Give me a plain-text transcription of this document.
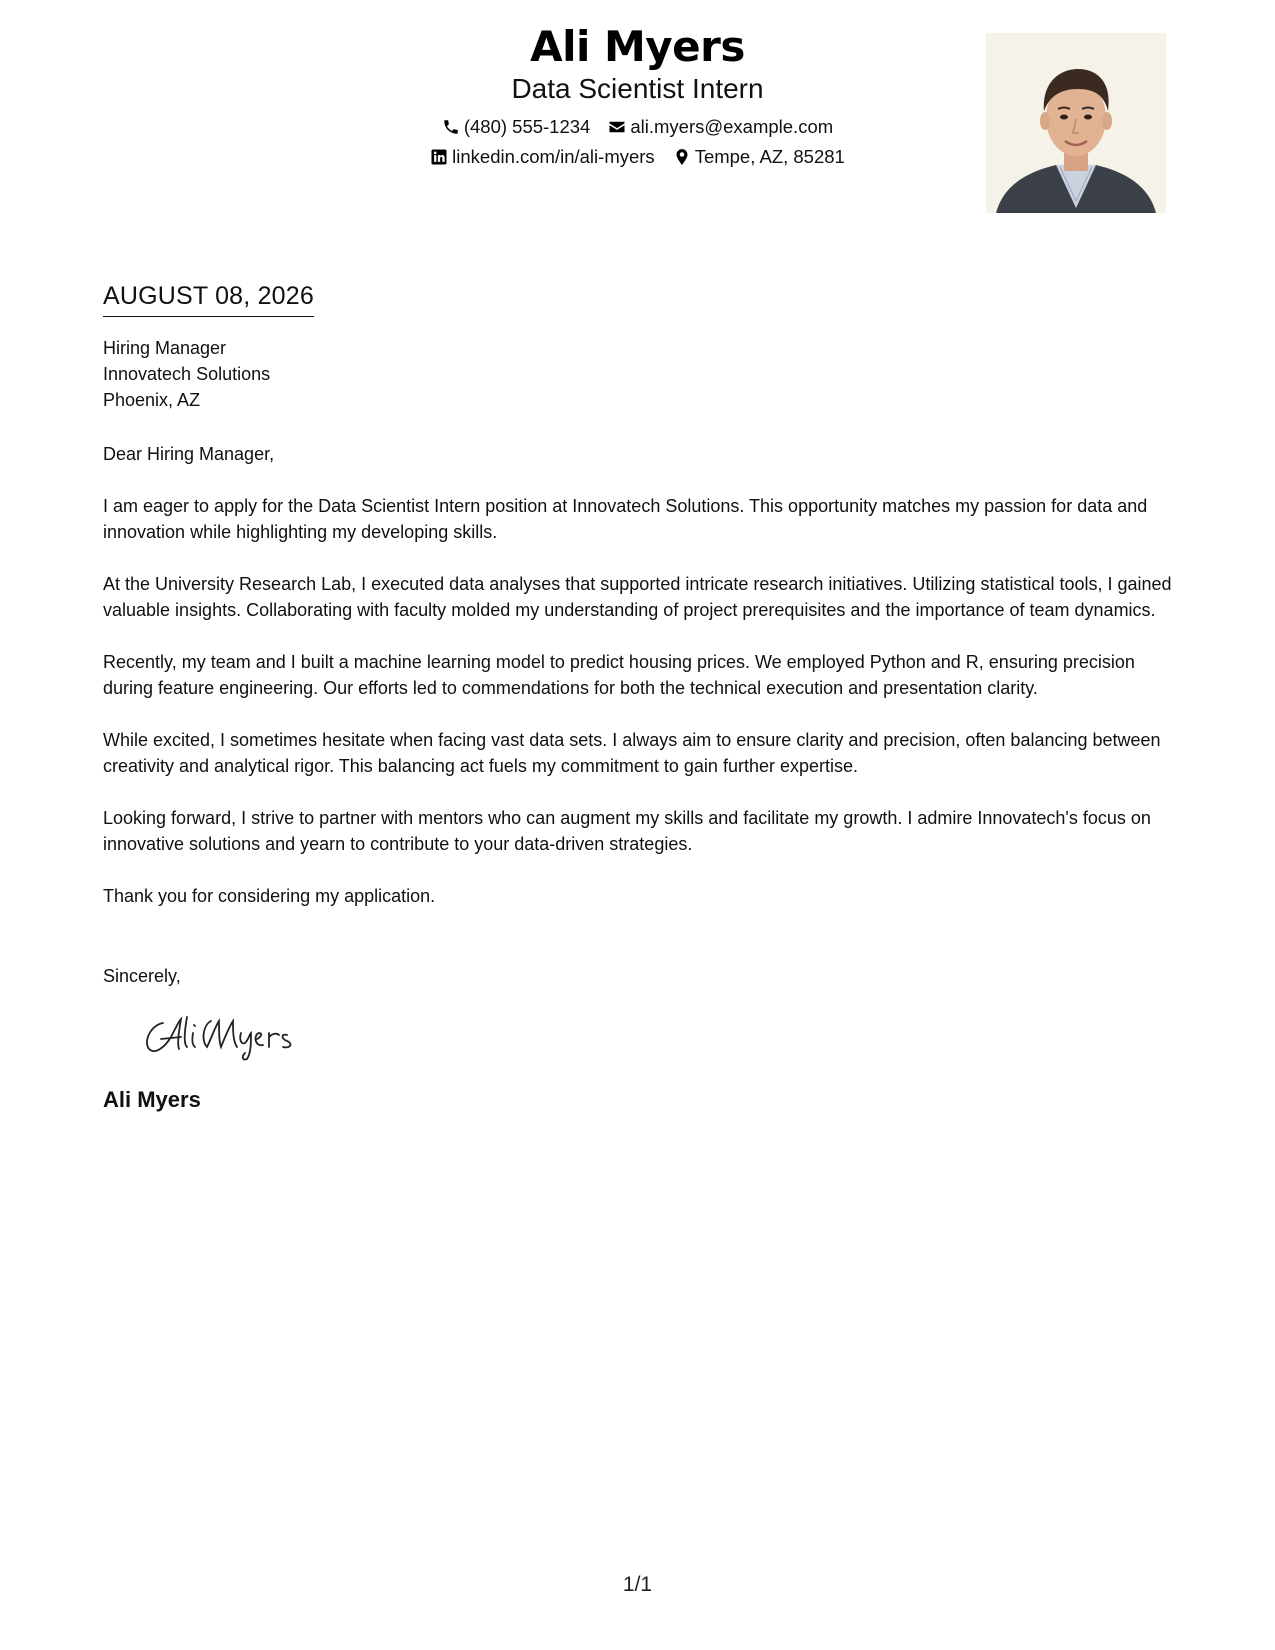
Ali Myers
Data Scientist Intern
(480) 555-1234 ali.myers@example.com
linkedin.com/in/ali-myers Tempe, AZ, 85281
AUGUST 08, 2026
Hiring Manager
Innovatech Solutions
Phoenix, AZ
Dear Hiring Manager,
I am eager to apply for the Data Scientist Intern position at Innovatech Solutions. This opportunity matches my passion for data and innovation while highlighting my developing skills.
At the University Research Lab, I executed data analyses that supported intricate research initiatives. Utilizing statistical tools, I gained valuable insights. Collaborating with faculty molded my understanding of project prerequisites and the importance of team dynamics.
Recently, my team and I built a machine learning model to predict housing prices. We employed Python and R, ensuring precision during feature engineering. Our efforts led to commendations for both the technical execution and presentation clarity.
While excited, I sometimes hesitate when facing vast data sets. I always aim to ensure clarity and precision, often balancing between creativity and analytical rigor. This balancing act fuels my commitment to gain further expertise.
Looking forward, I strive to partner with mentors who can augment my skills and facilitate my growth. I admire Innovatech's focus on innovative solutions and yearn to contribute to your data-driven strategies.
Thank you for considering my application.
Sincerely,
Ali Myers
1/1
